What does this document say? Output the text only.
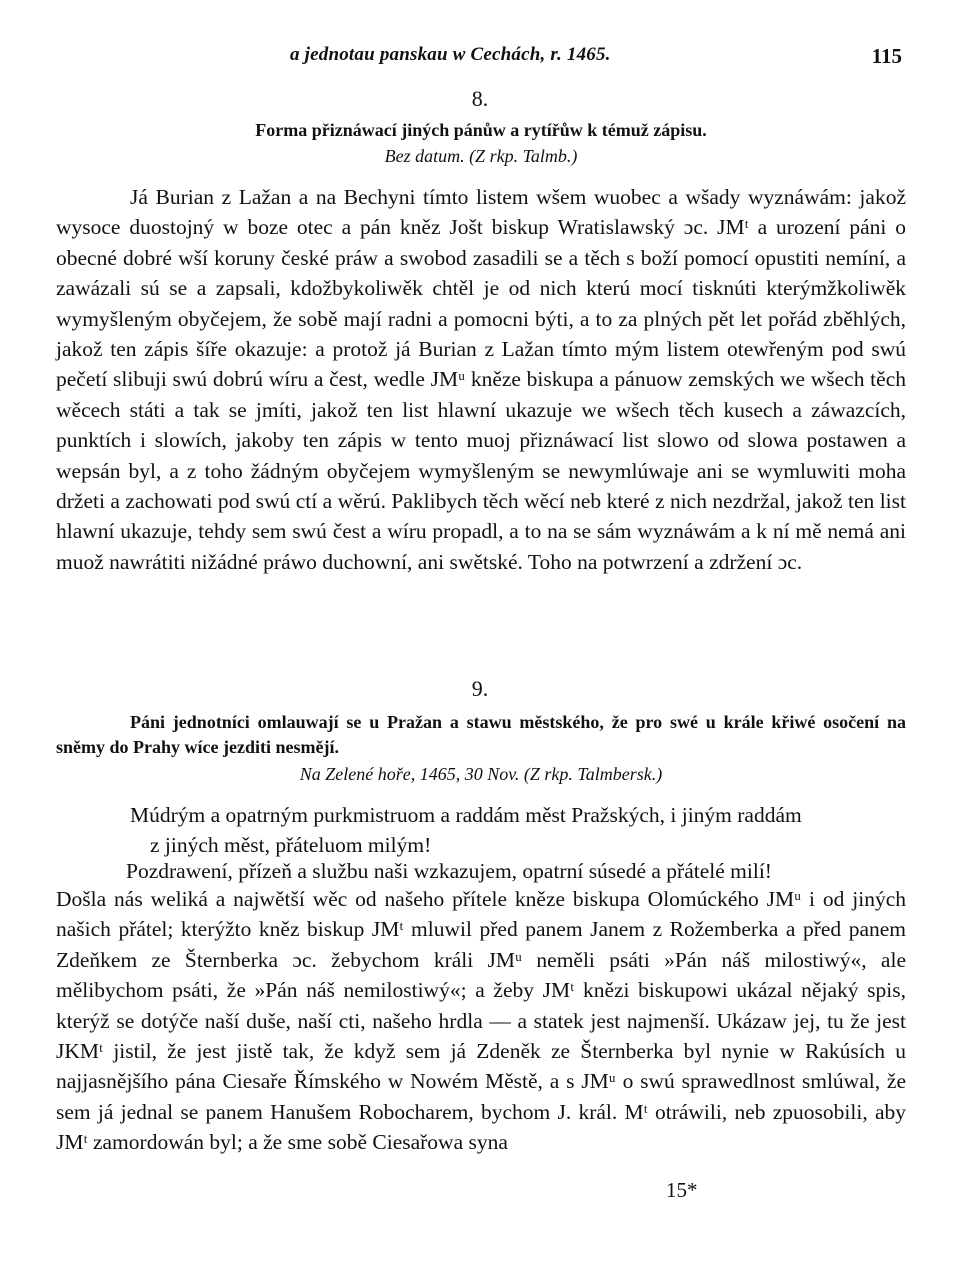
a jednotau panskau w Cechách, r. 1465.	115
8.
Forma přiznáwací jiných pánůw a rytířůw k témuž zápisu.
Bez datum. (Z rkp. Talmb.)
Já Burian z Lažan a na Bechyni tímto listem wšem wuobec a wšady wyznáwám: jakož wysoce duostojný w boze otec a pán kněz Jošt biskup Wratislawský ɔc. JMᵗ a urození páni o obecné dobré wší koruny české práw a swobod zasadili se a těch s boží pomocí opustiti nemíní, a zawázali sú se a zapsali, kdožbykoliwěk chtěl je od nich kterú mocí tisknúti kterýmžkoliwěk wymyšleným obyčejem, že sobě mají radni a pomocni býti, a to za plných pět let pořád zběhlých, jakož ten zápis šíře okazuje: a protož já Burian z Lažan tímto mým listem otewřeným pod swú pečetí slibuji swú dobrú wíru a čest, wedle JMᵘ kněze biskupa a pánuow zemských we wšech těch wěcech státi a tak se jmíti, jakož ten list hlawní ukazuje we wšech těch kusech a záwazcích, punktích i slowích, jakoby ten zápis w tento muoj přiznáwací list slowo od slowa postawen a wepsán byl, a z toho žádným obyčejem wymyšleným se newymlúwaje ani se wymluwiti moha držeti a zachowati pod swú ctí a wěrú. Paklibych těch wěcí neb které z nich nezdržal, jakož ten list hlawní ukazuje, tehdy sem swú čest a wíru propadl, a to na se sám wyznáwám a k ní mě nemá ani muož nawrátiti nižádné práwo duchowní, ani swětské. Toho na potwrzení a zdržení ɔc.
9.
Páni jednotníci omlauwají se u Pražan a stawu městského, že pro swé u krále křiwé osočení na sněmy do Prahy wíce jezditi nesmějí.
Na Zelené hoře, 1465, 30 Nov. (Z rkp. Talmbersk.)
Múdrým a opatrným purkmistruom a raddám měst Pražských, i jiným raddám
z jiných měst, přáteluom milým!
Pozdrawení, přízeň a službu naši wzkazujem, opatrní súsedé a přátelé milí!
Došla nás weliká a najwětší wěc od našeho přítele kněze biskupa Olomúckého JMᵘ i od jiných našich přátel; kterýžto kněz biskup JMᵗ mluwil před panem Janem z Rožemberka a před panem Zdeňkem ze Šternberka ɔc. žebychom králi JMᵘ neměli psáti »Pán náš milostiwý«, ale mělibychom psáti, že »Pán náš nemilostiwý«; a žeby JMᵗ knězi biskupowi ukázal nějaký spis, kterýž se dotýče naší duše, naší cti, našeho hrdla — a statek jest najmenší. Ukázaw jej, tu že jest JKMᵗ jistil, že jest jistě tak, že když sem já Zdeněk ze Šternberka byl nynie w Rakúsích u najjasnějšího pána Ciesaře Římského w Nowém Městě, a s JMᵘ o swú sprawedlnost smlúwal, že sem já jednal se panem Hanušem Robocharem, bychom J. král. Mᵗ otráwili, neb zpuosobili, aby JMᵗ zamordowán byl; a že sme sobě Ciesařowa syna
15*
